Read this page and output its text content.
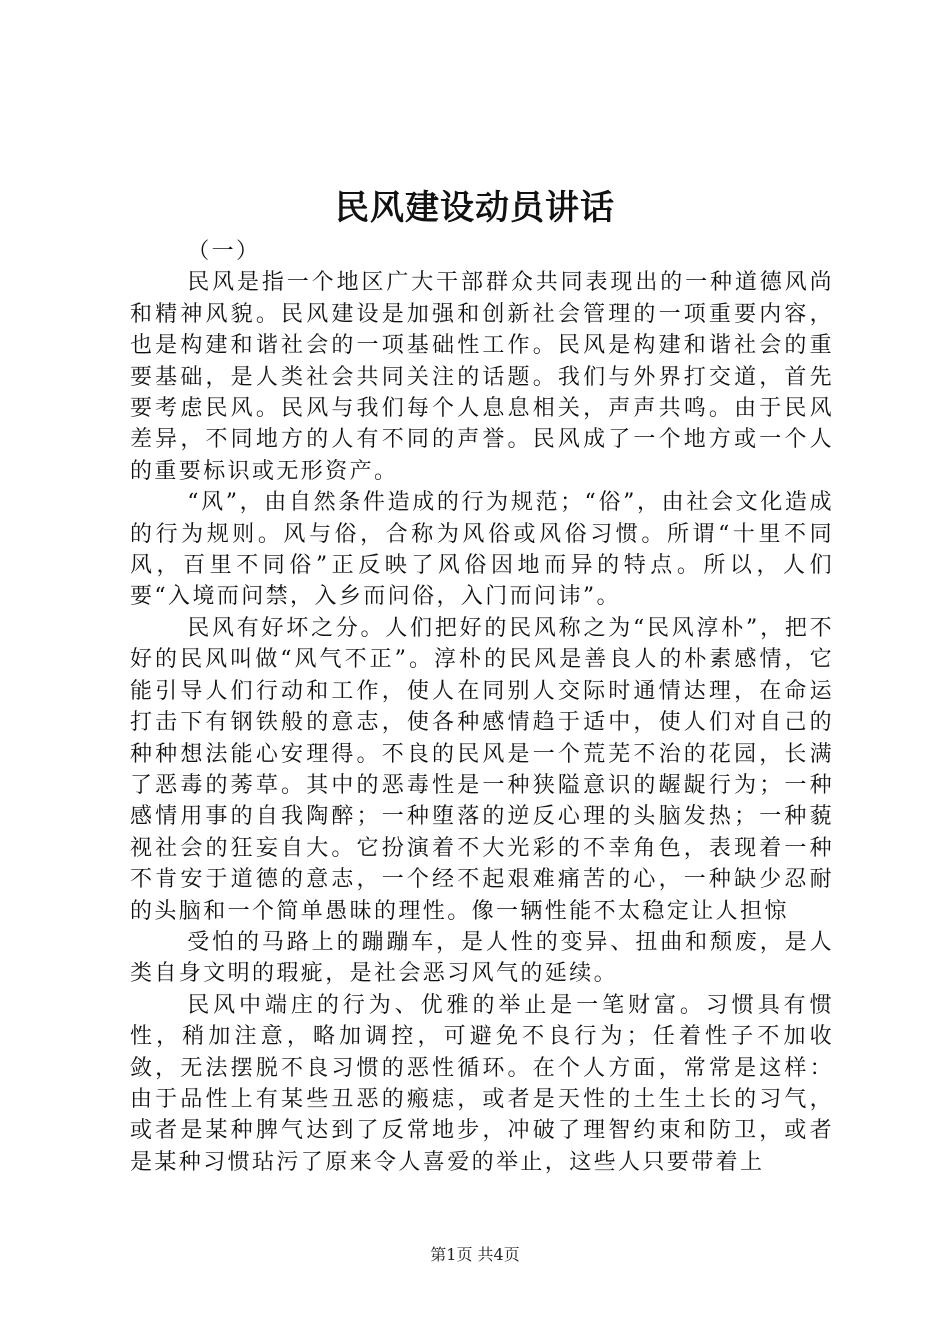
民风建设动员讲话

（一）

民风是指一个地区广大干部群众共同表现出的一种道德风尚和精神风貌。民风建设是加强和创新社会管理的一项重要内容，也是构建和谐社会的一项基础性工作。民风是构建和谐社会的重要基础，是人类社会共同关注的话题。我们与外界打交道，首先要考虑民风。民风与我们每个人息息相关，声声共鸣。由于民风差异，不同地方的人有不同的声誉。民风成了一个地方或一个人的重要标识或无形资产。

“风”，由自然条件造成的行为规范；“俗”，由社会文化造成的行为规则。风与俗，合称为风俗或风俗习惯。所谓“十里不同风，百里不同俗”正反映了风俗因地而异的特点。所以，人们要“入境而问禁，入乡而问俗，入门而问讳”。

民风有好坏之分。人们把好的民风称之为“民风淳朴”，把不好的民风叫做“风气不正”。淳朴的民风是善良人的朴素感情，它能引导人们行动和工作，使人在同别人交际时通情达理，在命运打击下有钢铁般的意志，使各种感情趋于适中，使人们对自己的种种想法能心安理得。不良的民风是一个荒芜不治的花园，长满了恶毒的莠草。其中的恶毒性是一种狭隘意识的龌龊行为；一种感情用事的自我陶醉；一种堕落的逆反心理的头脑发热；一种藐视社会的狂妄自大。它扮演着不大光彩的不幸角色，表现着一种不肯安于道德的意志，一个经不起艰难痛苦的心，一种缺少忍耐的头脑和一个简单愚昧的理性。像一辆性能不太稳定让人担惊

受怕的马路上的蹦蹦车，是人性的变异、扭曲和颓废，是人类自身文明的瑕疵，是社会恶习风气的延续。

民风中端庄的行为、优雅的举止是一笔财富。习惯具有惯性，稍加注意，略加调控，可避免不良行为；任着性子不加收敛，无法摆脱不良习惯的恶性循环。在个人方面，常常是这样：由于品性上有某些丑恶的瘢痣，或者是天性的土生土长的习气，或者是某种脾气达到了反常地步，冲破了理智约束和防卫，或者是某种习惯玷污了原来令人喜爱的举止，这些人只要带着上

第1页 共4页
